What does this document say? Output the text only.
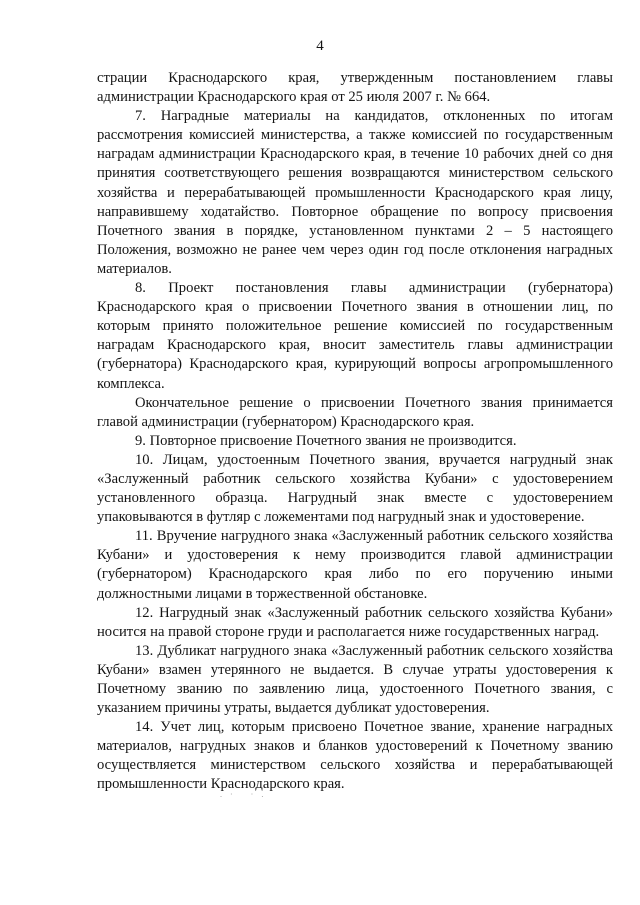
4

страции Краснодарского края, утвержденным постановлением главы администрации Краснодарского края от 25 июля 2007 г. № 664.

7. Наградные материалы на кандидатов, отклоненных по итогам рассмотрения комиссией министерства, а также комиссией по государственным наградам администрации Краснодарского края, в течение 10 рабочих дней со дня принятия соответствующего решения возвращаются министерством сельского хозяйства и перерабатывающей промышленности Краснодарского края лицу, направившему ходатайство. Повторное обращение по вопросу присвоения Почетного звания в порядке, установленном пунктами 2 – 5 настоящего Положения, возможно не ранее чем через один год после отклонения наградных материалов.

8. Проект постановления главы администрации (губернатора) Краснодарского края о присвоении Почетного звания в отношении лиц, по которым принято положительное решение комиссией по государственным наградам Краснодарского края, вносит заместитель главы администрации (губернатора) Краснодарского края, курирующий вопросы агропромышленного комплекса.

Окончательное решение о присвоении Почетного звания принимается главой администрации (губернатором) Краснодарского края.

9. Повторное присвоение Почетного звания не производится.

10. Лицам, удостоенным Почетного звания, вручается нагрудный знак «Заслуженный работник сельского хозяйства Кубани» с удостоверением установленного образца. Нагрудный знак вместе с удостоверением упаковываются в футляр с ложементами под нагрудный знак и удостоверение.

11. Вручение нагрудного знака «Заслуженный работник сельского хозяйства Кубани» и удостоверения к нему производится главой администрации (губернатором) Краснодарского края либо по его поручению иными должностными лицами в торжественной обстановке.

12. Нагрудный знак «Заслуженный работник сельского хозяйства Кубани» носится на правой стороне груди и располагается ниже государственных наград.

13. Дубликат нагрудного знака «Заслуженный работник сельского хозяйства Кубани» взамен утерянного не выдается. В случае утраты удостоверения к Почетному званию по заявлению лица, удостоенного Почетного звания, с указанием причины утраты, выдается дубликат удостоверения.

14. Учет лиц, которым присвоено Почетное звание, хранение наградных материалов, нагрудных знаков и бланков удостоверений к Почетному званию осуществляется министерством сельского хозяйства и перерабатывающей промышленности Краснодарского края.

. ·   · .
